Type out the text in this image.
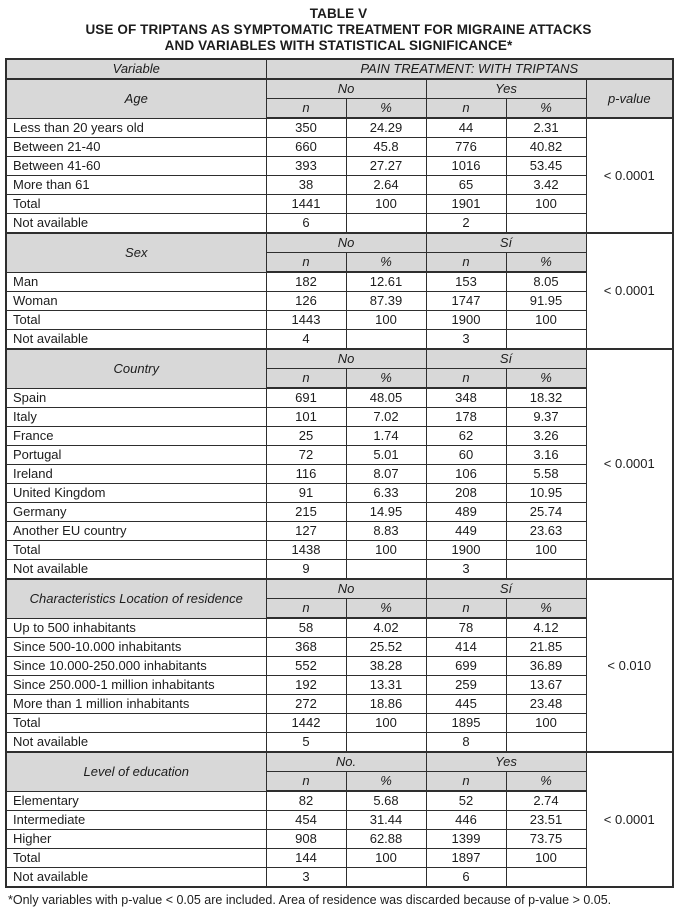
TABLE V
USE OF TRIPTANS AS SYMPTOMATIC TREATMENT FOR MIGRAINE ATTACKS
AND VARIABLES WITH STATISTICAL SIGNIFICANCE*
Variable	PAIN TREATMENT: WITH TRIPTANS				
Age	No		Yes		p-value
	n	%	n	%	
Less than 20 years old	350	24.29	44	2.31	< 0.0001
Between 21-40	660	45.8	776	40.82	
Between 41-60	393	27.27	1016	53.45	
More than 61	38	2.64	65	3.42	
Total	1441	100	1901	100	
Not available	6		2		
Sex	No		Sí		< 0.0001
	n	%	n	%	
Man	182	12.61	153	8.05	
Woman	126	87.39	1747	91.95	
Total	1443	100	1900	100	
Not available	4		3		
Country	No		Sí		< 0.0001
	n	%	n	%	
Spain	691	48.05	348	18.32	
Italy	101	7.02	178	9.37	
France	25	1.74	62	3.26	
Portugal	72	5.01	60	3.16	
Ireland	116	8.07	106	5.58	
United Kingdom	91	6.33	208	10.95	
Germany	215	14.95	489	25.74	
Another EU country	127	8.83	449	23.63	
Total	1438	100	1900	100	
Not available	9		3		
Characteristics Location of residence	No		Sí		< 0.010
	n	%	n	%	
Up to 500 inhabitants	58	4.02	78	4.12	
Since 500-10.000 inhabitants	368	25.52	414	21.85	
Since 10.000-250.000 inhabitants	552	38.28	699	36.89	
Since 250.000-1 million inhabitants	192	13.31	259	13.67	
More than 1 million inhabitants	272	18.86	445	23.48	
Total	1442	100	1895	100	
Not available	5		8		
Level of education	No.		Yes		< 0.0001
	n	%	n	%	
Elementary	82	5.68	52	2.74	
Intermediate	454	31.44	446	23.51	
Higher	908	62.88	1399	73.75	
Total	144	100	1897	100	
Not available	3		6		
*Only variables with p-value < 0.05 are included. Area of residence was discarded because of p-value > 0.05.
